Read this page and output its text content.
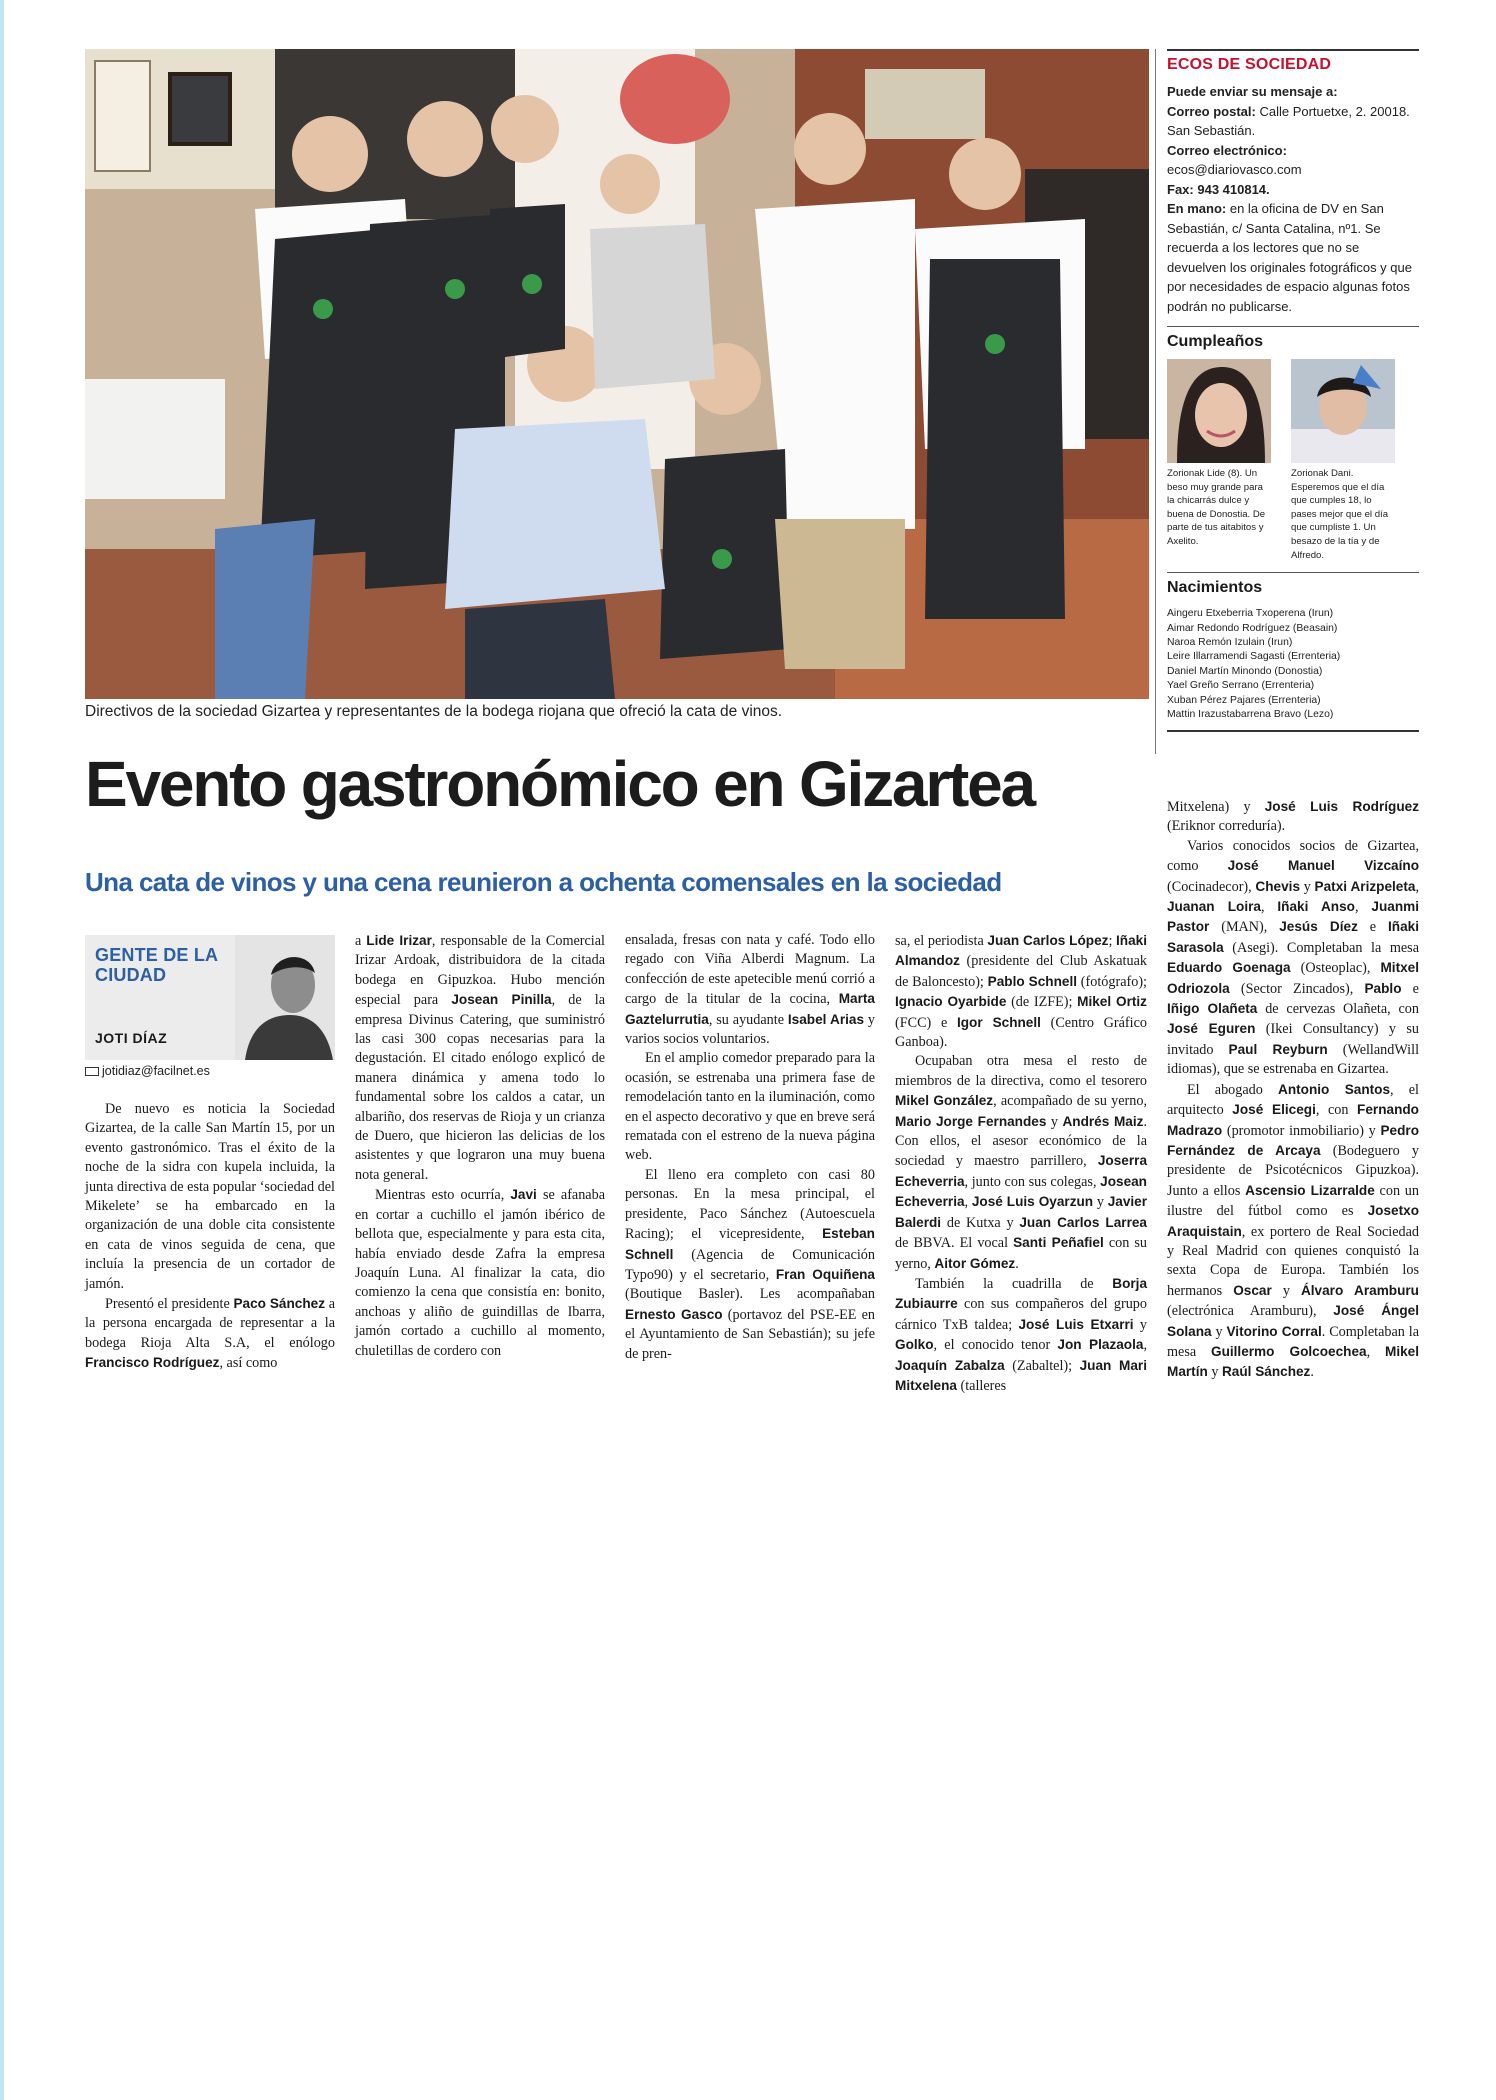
Directivos de la sociedad Gizartea y representantes de la bodega riojana que ofreció la cata de vinos.
Evento gastronómico en Gizartea
Una cata de vinos y una cena reunieron a ochenta comensales en la sociedad
GENTE DE LA CIUDAD
JOTI DÍAZ
jotidiaz@facilnet.es

De nuevo es noticia la Sociedad Gizartea, de la calle San Martín 15, por un evento gastronómico. Tras el éxito de la noche de la sidra con kupela incluida, la junta directiva de esta popular ‘sociedad del Mikelete’ se ha embarcado en la organización de una doble cita consistente en cata de vinos seguida de cena, que incluía la presencia de un cortador de jamón.

Presentó el presidente Paco Sánchez a la persona encargada de representar a la bodega Rioja Alta S.A, el enólogo Francisco Rodríguez, así como

a Lide Irizar, responsable de la Comercial Irizar Ardoak, distribuidora de la citada bodega en Gipuzkoa. Hubo mención especial para Josean Pinilla, de la empresa Divinus Catering, que suministró las casi 300 copas necesarias para la degustación. El citado enólogo explicó de manera dinámica y amena todo lo fundamental sobre los caldos a catar, un albariño, dos reservas de Rioja y un crianza de Duero, que hicieron las delicias de los asistentes y que lograron una muy buena nota general.

Mientras esto ocurría, Javi se afanaba en cortar a cuchillo el jamón ibérico de bellota que, especialmente y para esta cita, había enviado desde Zafra la empresa Joaquín Luna. Al finalizar la cata, dio comienzo la cena que consistía en: bonito, anchoas y aliño de guindillas de Ibarra, jamón cortado a cuchillo al momento, chuletillas de cordero con

ensalada, fresas con nata y café. Todo ello regado con Viña Alberdi Magnum. La confección de este apetecible menú corrió a cargo de la titular de la cocina, Marta Gaztelurrutia, su ayudante Isabel Arias y varios socios voluntarios.

En el amplio comedor preparado para la ocasión, se estrenaba una primera fase de remodelación tanto en la iluminación, como en el aspecto decorativo y que en breve será rematada con el estreno de la nueva página web.

El lleno era completo con casi 80 personas. En la mesa principal, el presidente, Paco Sánchez (Autoescuela Racing); el vicepresidente, Esteban Schnell (Agencia de Comunicación Typo90) y el secretario, Fran Oquiñena (Boutique Basler). Les acompañaban Ernesto Gasco (portavoz del PSE-EE en el Ayuntamiento de San Sebastián); su jefe de pren-

sa, el periodista Juan Carlos López; Iñaki Almandoz (presidente del Club Askatuak de Baloncesto); Pablo Schnell (fotógrafo); Ignacio Oyarbide (de IZFE); Mikel Ortiz (FCC) e Igor Schnell (Centro Gráfico Ganboa).

Ocupaban otra mesa el resto de miembros de la directiva, como el tesorero Mikel González, acompañado de su yerno, Mario Jorge Fernandes y Andrés Maiz. Con ellos, el asesor económico de la sociedad y maestro parrillero, Joserra Echeverria, junto con sus colegas, Josean Echeverria, José Luis Oyarzun y Javier Balerdi de Kutxa y Juan Carlos Larrea de BBVA. El vocal Santi Peñafiel con su yerno, Aitor Gómez.

También la cuadrilla de Borja Zubiaurre con sus compañeros del grupo cárnico TxB taldea; José Luis Etxarri y Golko, el conocido tenor Jon Plazaola, Joaquín Zabalza (Zabaltel); Juan Mari Mitxelena (talleres

Mitxelena) y José Luis Rodríguez (Eriknor correduría).

Varios conocidos socios de Gizartea, como José Manuel Vizcaíno (Cocinadecor), Chevis y Patxi Arizpeleta, Juanan Loira, Iñaki Anso, Juanmi Pastor (MAN), Jesús Díez e Iñaki Sarasola (Asegi). Completaban la mesa Eduardo Goenaga (Osteoplac), Mitxel Odriozola (Sector Zincados), Pablo e Iñigo Olañeta de cervezas Olañeta, con José Eguren (Ikei Consultancy) y su invitado Paul Reyburn (WellandWill idiomas), que se estrenaba en Gizartea.

El abogado Antonio Santos, el arquitecto José Elicegi, con Fernando Madrazo (promotor inmobiliario) y Pedro Fernández de Arcaya (Bodeguero y presidente de Psicotécnicos Gipuzkoa). Junto a ellos Ascensio Lizarralde con un ilustre del fútbol como es Josetxo Araquistain, ex portero de Real Sociedad y Real Madrid con quienes conquistó la sexta Copa de Europa. También los hermanos Oscar y Álvaro Aramburu (electrónica Aramburu), José Ángel Solana y Vitorino Corral. Completaban la mesa Guillermo Golcoechea, Mikel Martín y Raúl Sánchez.

ECOS DE SOCIEDAD
Puede enviar su mensaje a:
Correo postal: Calle Portuetxe, 2. 20018. San Sebastián.
Correo electrónico:
ecos@diariovasco.com
Fax: 943 410814.
En mano: en la oficina de DV en San Sebastián, c/ Santa Catalina, nº1. Se recuerda a los lectores que no se devuelven los originales fotográficos y que por necesidades de espacio algunas fotos podrán no publicarse.
Cumpleaños
Zorionak Lide (8). Un beso muy grande para la chicarrás dulce y buena de Donostia. De parte de tus aitabitos y Axelito.
Zorionak Dani. Esperemos que el día que cumples 18, lo pases mejor que el día que cumpliste 1. Un besazo de la tía y de Alfredo.
Nacimientos
Aingeru Etxeberria Txoperena (Irun)
Aimar Redondo Rodríguez (Beasain)
Naroa Remón Izulain (Irun)
Leire Illarramendi Sagasti (Errenteria)
Daniel Martín Minondo (Donostia)
Yael Greño Serrano (Errenteria)
Xuban Pérez Pajares (Errenteria)
Mattin Irazustabarrena Bravo (Lezo)
